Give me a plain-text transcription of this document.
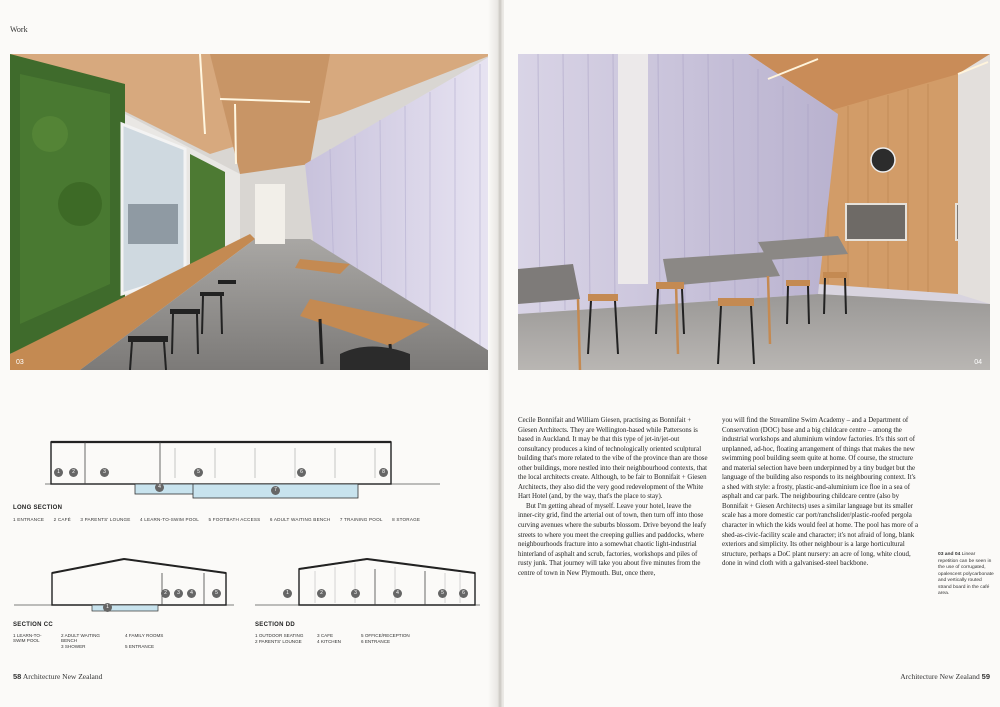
Work
03
1	2	3
4
5	6
7
8
LONG SECTION
1 ENTRANCE 2 CAFÉ 3 PARENTS' LOUNGE 4 LEARN-TO-SWIM POOL 5 FOOTBATH ACCESS 6 ADULT WAITING BENCH 7 TRAINING POOL 8 STORAGE
1
2	3	4	5
SECTION CC
1 LEARN-TO-SWIM POOL
2 ADULT WAITING BENCH
4 FAMILY ROOMS
3 SHOWER	5 ENTRANCE
1	2	3	4	5	6
SECTION DD
1 OUTDOOR SEATING	3 CAFE	5 OFFICE/RECEPTION
2 PARENTS' LOUNGE	4 KITCHEN	6 ENTRANCE
58 Architecture New Zealand
04

Cecile Bonnifait and William Giesen, practising as Bonnifait + Giesen Architects. They are Wellington-based while Pattersons is based in Auckland. It may be that this type of jet-in/jet-out consultancy produces a kind of technologically oriented sculptural building that's more related to the vibe of the province than are those other buildings, more nestled into their neighbourhood contexts, that the local architects create. Although, to be fair to Bonnifait + Giesen Architects, they also did the very good redevelopment of the White Hart Hotel (and, by the way, that's the place to stay).

But I'm getting ahead of myself. Leave your hotel, leave the inner-city grid, find the arterial out of town, then turn off into those curving avenues where the suburbs blossom. Drive beyond the leafy streets to where you meet the creeping gullies and paddocks, where neighbourhoods fracture into a somewhat chaotic light-industrial hinterland of asphalt and scrub, factories, workshops and piles of rusty junk. That journey will take you about five minutes from the centre of town in New Plymouth. But, once there,

you will find the Streamline Swim Academy – and a Department of Conservation (DOC) base and a big childcare centre – among the industrial workshops and aluminium window factories. It's this sort of unplanned, ad-hoc, floating arrangement of things that makes the new swimming pool building seem quite at home. Of course, the structure and material selection have been underpinned by a tiny budget but the language of the building also responds to its neighbouring context. It's a shed with style: a frosty, plastic-and-aluminium ice floe in a sea of asphalt and car park. The neighbouring childcare centre (also by Bonnifait + Giesen Architects) uses a similar language but its smaller scale has a more domestic car port/ranchslider/plastic-roofed pergola character in which the kids would feel at home. The pool has more of a shed-as-civic-facility scale and character; it's not afraid of long, blank exteriors and simplicity. Its other neighbour is a large horticultural structure, perhaps a DoC plant nursery: an acre of long, white cloud, done in wind cloth with a galvanised-steel backbone.

03 and 04 Linear repetition can be seen in the use of corrugated, opalescent polycarbonate and vertically routed strand board in the café area.
Architecture New Zealand 59
